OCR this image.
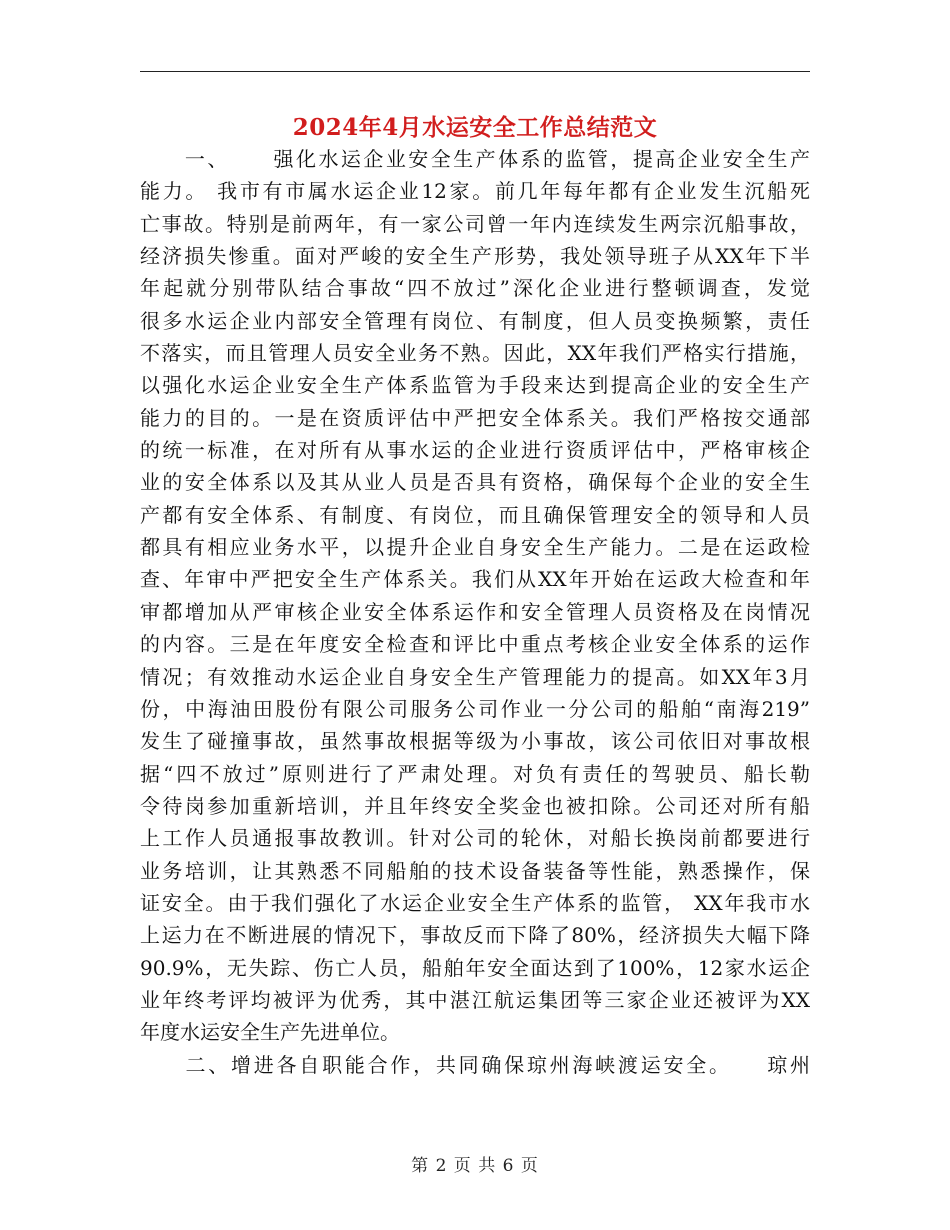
2024年4月水运安全工作总结范文
　　一、　　 强化水运企业安全生产体系的监管，提高企业安全生产
能力。 我市有市属水运企业12家。前几年每年都有企业发生沉船死
亡事故。特别是前两年，有一家公司曾一年内连续发生两宗沉船事故，
经济损失惨重。面对严峻的安全生产形势，我处领导班子从XX年下半
年起就分别带队结合事故“四不放过”深化企业进行整顿调查，发觉
很多水运企业内部安全管理有岗位、有制度，但人员变换频繁，责任
不落实，而且管理人员安全业务不熟。因此，XX年我们严格实行措施，
以强化水运企业安全生产体系监管为手段来达到提高企业的安全生产
能力的目的。一是在资质评估中严把安全体系关。我们严格按交通部
的统一标准，在对所有从事水运的企业进行资质评估中，严格审核企
业的安全体系以及其从业人员是否具有资格，确保每个企业的安全生
产都有安全体系、有制度、有岗位，而且确保管理安全的领导和人员
都具有相应业务水平，以提升企业自身安全生产能力。二是在运政检
查、年审中严把安全生产体系关。我们从XX年开始在运政大检查和年
审都增加从严审核企业安全体系运作和安全管理人员资格及在岗情况
的内容。三是在年度安全检查和评比中重点考核企业安全体系的运作
情况；有效推动水运企业自身安全生产管理能力的提高。如XX年3月
份，中海油田股份有限公司服务公司作业一分公司的船舶“南海219”
发生了碰撞事故，虽然事故根据等级为小事故，该公司依旧对事故根
据“四不放过”原则进行了严肃处理。对负有责任的驾驶员、船长勒
令待岗参加重新培训，并且年终安全奖金也被扣除。公司还对所有船
上工作人员通报事故教训。针对公司的轮休，对船长换岗前都要进行
业务培训，让其熟悉不同船舶的技术设备装备等性能，熟悉操作，保
证安全。由于我们强化了水运企业安全生产体系的监管， XX年我市水
上运力在不断进展的情况下，事故反而下降了80%，经济损失大幅下降
90.9%，无失踪、伤亡人员，船舶年安全面达到了100%，12家水运企
业年终考评均被评为优秀，其中湛江航运集团等三家企业还被评为XX
年度水运安全生产先进单位。
　　二、增进各自职能合作，共同确保琼州海峡渡运安全。　　琼州
第 2 页 共 6 页
